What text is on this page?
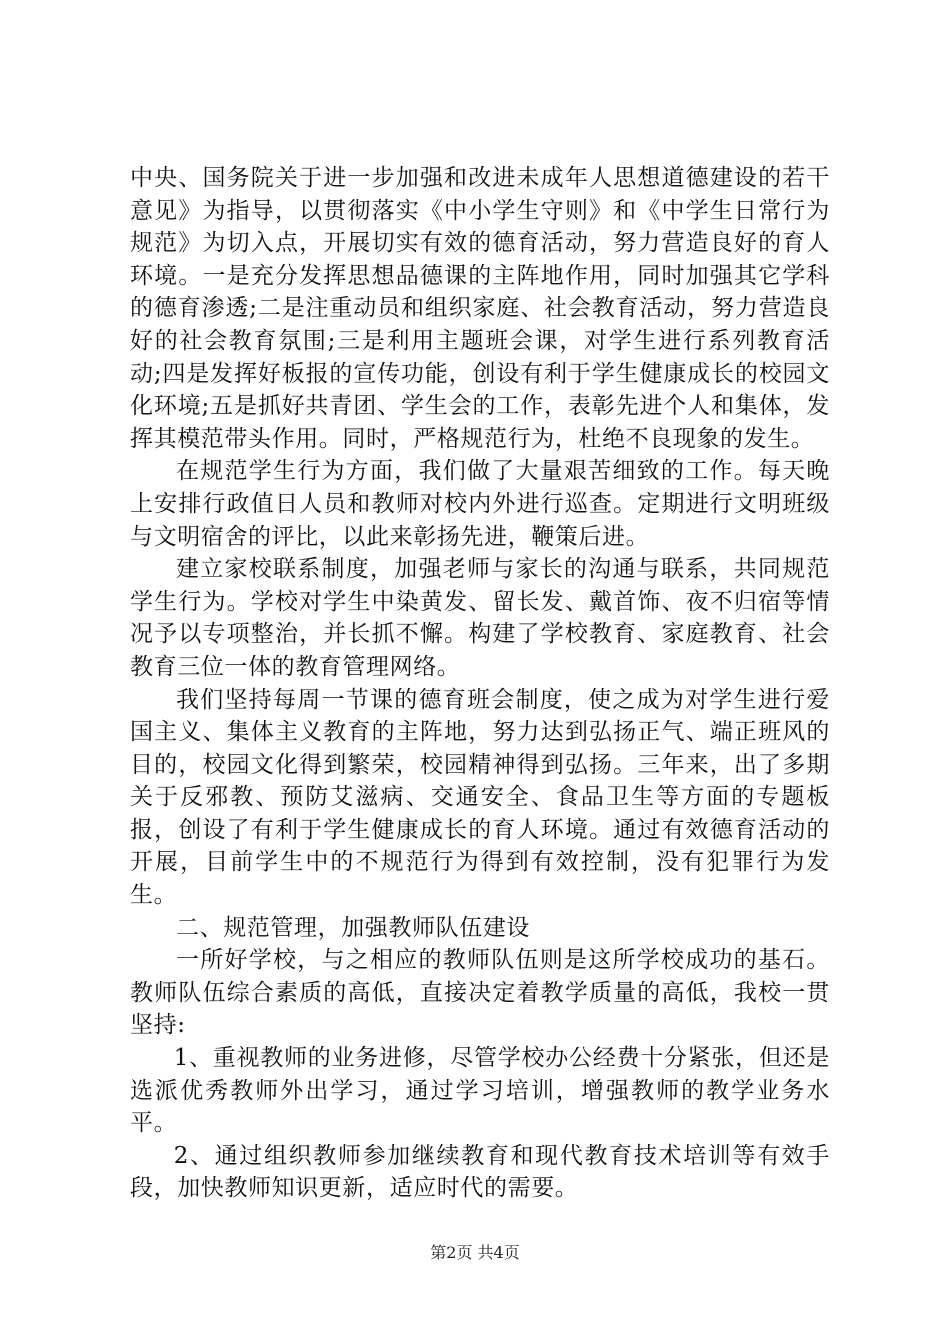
中央、国务院关于进一步加强和改进未成年人思想道德建设的若干意见》为指导，以贯彻落实《中小学生守则》和《中学生日常行为规范》为切入点，开展切实有效的德育活动，努力营造良好的育人环境。一是充分发挥思想品德课的主阵地作用，同时加强其它学科的德育渗透;二是注重动员和组织家庭、社会教育活动，努力营造良好的社会教育氛围;三是利用主题班会课，对学生进行系列教育活动;四是发挥好板报的宣传功能，创设有利于学生健康成长的校园文化环境;五是抓好共青团、学生会的工作，表彰先进个人和集体，发挥其模范带头作用。同时，严格规范行为，杜绝不良现象的发生。

在规范学生行为方面，我们做了大量艰苦细致的工作。每天晚上安排行政值日人员和教师对校内外进行巡查。定期进行文明班级与文明宿舍的评比，以此来彰扬先进，鞭策后进。

建立家校联系制度，加强老师与家长的沟通与联系，共同规范学生行为。学校对学生中染黄发、留长发、戴首饰、夜不归宿等情况予以专项整治，并长抓不懈。构建了学校教育、家庭教育、社会教育三位一体的教育管理网络。

我们坚持每周一节课的德育班会制度，使之成为对学生进行爱国主义、集体主义教育的主阵地，努力达到弘扬正气、端正班风的目的，校园文化得到繁荣，校园精神得到弘扬。三年来，出了多期关于反邪教、预防艾滋病、交通安全、食品卫生等方面的专题板报，创设了有利于学生健康成长的育人环境。通过有效德育活动的开展，目前学生中的不规范行为得到有效控制，没有犯罪行为发生。

二、规范管理，加强教师队伍建设

一所好学校，与之相应的教师队伍则是这所学校成功的基石。教师队伍综合素质的高低，直接决定着教学质量的高低，我校一贯坚持:

1、重视教师的业务进修，尽管学校办公经费十分紧张，但还是选派优秀教师外出学习，通过学习培训，增强教师的教学业务水平。

2、通过组织教师参加继续教育和现代教育技术培训等有效手段，加快教师知识更新，适应时代的需要。

第2页 共4页
